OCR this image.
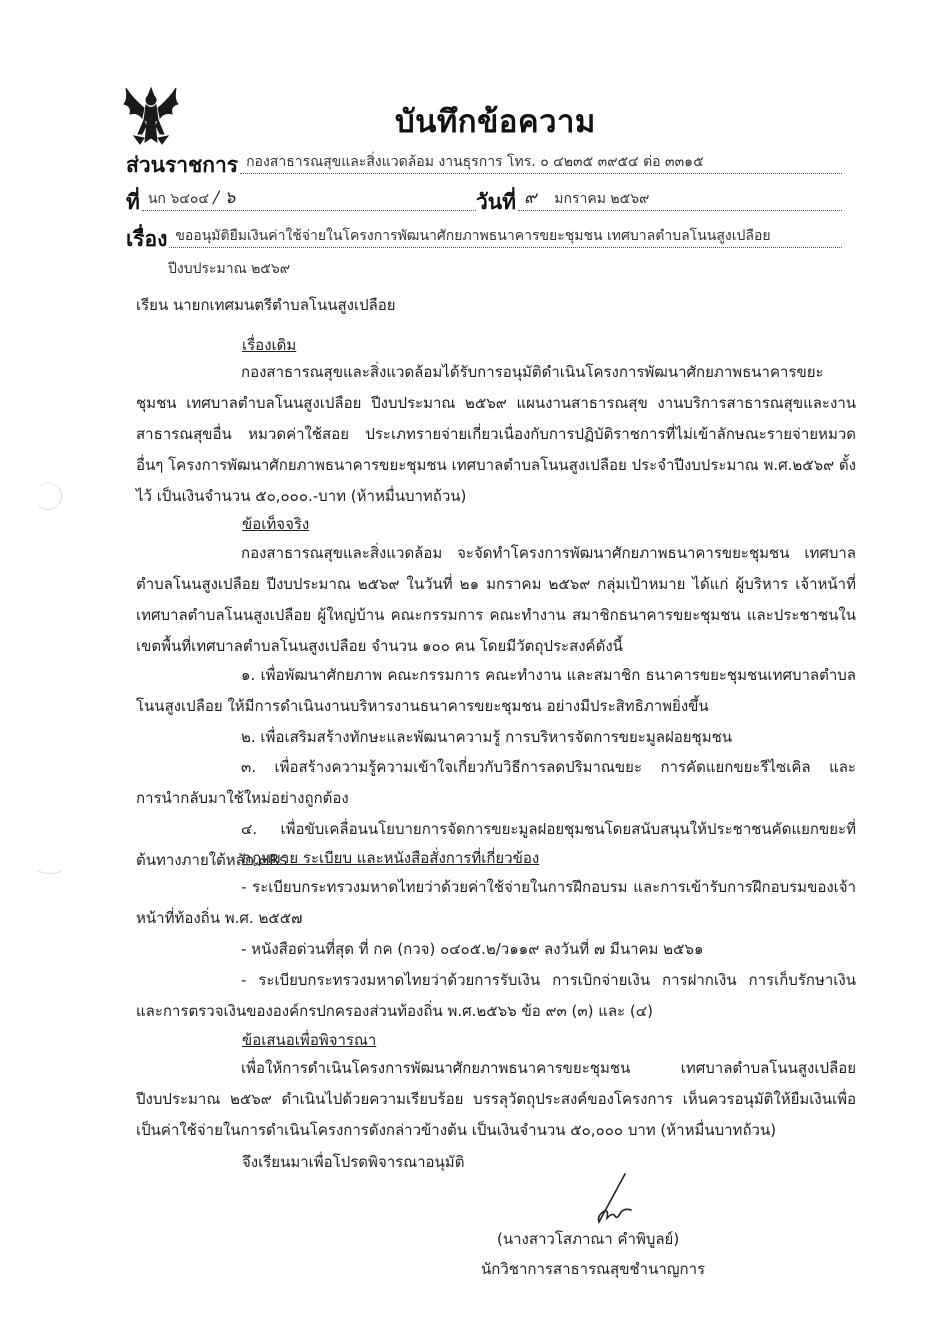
บันทึกข้อความ
ส่วนราชการ กองสาธารณสุขและสิ่งแวดล้อม งานธุรการ โทร. ๐ ๔๒๓๕ ๓๙๕๔ ต่อ ๓๓๑๕
ที่ นก ๖๔๐๔ / ๖	วันที่ ๙ มกราคม ๒๕๖๙
เรื่อง ขออนุมัติยืมเงินค่าใช้จ่ายในโครงการพัฒนาศักยภาพธนาคารขยะชุมชน เทศบาลตำบลโนนสูงเปลือย
ปีงบประมาณ ๒๕๖๙
เรียน นายกเทศมนตรีตำบลโนนสูงเปลือย
เรื่องเดิม
กองสาธารณสุขและสิ่งแวดล้อมได้รับการอนุมัติดำเนินโครงการพัฒนาศักยภาพธนาคารขยะชุมชน เทศบาลตำบลโนนสูงเปลือย ปีงบประมาณ ๒๕๖๙ แผนงานสาธารณสุข งานบริการสาธารณสุขและงานสาธารณสุขอื่น หมวดค่าใช้สอย ประเภทรายจ่ายเกี่ยวเนื่องกับการปฏิบัติราชการที่ไม่เข้าลักษณะรายจ่ายหมวดอื่นๆ โครงการพัฒนาศักยภาพธนาคารขยะชุมชน เทศบาลตำบลโนนสูงเปลือย ประจำปีงบประมาณ พ.ศ.๒๕๖๙ ตั้งไว้ เป็นเงินจำนวน ๕๐,๐๐๐.-บาท (ห้าหมื่นบาทถ้วน)
ข้อเท็จจริง
กองสาธารณสุขและสิ่งแวดล้อม จะจัดทำโครงการพัฒนาศักยภาพธนาคารขยะชุมชน เทศบาลตำบลโนนสูงเปลือย ปีงบประมาณ ๒๕๖๙ ในวันที่ ๒๑ มกราคม ๒๕๖๙ กลุ่มเป้าหมาย ได้แก่ ผู้บริหาร เจ้าหน้าที่เทศบาลตำบลโนนสูงเปลือย ผู้ใหญ่บ้าน คณะกรรมการ คณะทำงาน สมาชิกธนาคารขยะชุมชน และประชาชนในเขตพื้นที่เทศบาลตำบลโนนสูงเปลือย จำนวน ๑๐๐ คน โดยมีวัตถุประสงค์ดังนี้
๑. เพื่อพัฒนาศักยภาพ คณะกรรมการ คณะทำงาน และสมาชิก ธนาคารขยะชุมชนเทศบาลตำบลโนนสูงเปลือย ให้มีการดำเนินงานบริหารงานธนาคารขยะชุมชน อย่างมีประสิทธิภาพยิ่งขึ้น
๒. เพื่อเสริมสร้างทักษะและพัฒนาความรู้ การบริหารจัดการขยะมูลฝอยชุมชน
๓. เพื่อสร้างความรู้ความเข้าใจเกี่ยวกับวิธีการลดปริมาณขยะ การคัดแยกขยะรีไซเคิล และการนำกลับมาใช้ใหม่อย่างถูกต้อง
๔. เพื่อขับเคลื่อนนโยบายการจัดการขยะมูลฝอยชุมชนโดยสนับสนุนให้ประชาชนคัดแยกขยะที่ต้นทางภายใต้หลัก ๓Rs
กฎหมาย ระเบียบ และหนังสือสั่งการที่เกี่ยวข้อง
- ระเบียบกระทรวงมหาดไทยว่าด้วยค่าใช้จ่ายในการฝึกอบรม และการเข้ารับการฝึกอบรมของเจ้าหน้าที่ท้องถิ่น พ.ศ. ๒๕๕๗
- หนังสือด่วนที่สุด ที่ กค (กวจ) ๐๔๐๕.๒/ว๑๑๙ ลงวันที่ ๗ มีนาคม ๒๕๖๑
- ระเบียบกระทรวงมหาดไทยว่าด้วยการรับเงิน การเบิกจ่ายเงิน การฝากเงิน การเก็บรักษาเงิน และการตรวจเงินขององค์กรปกครองส่วนท้องถิ่น พ.ศ.๒๕๖๖ ข้อ ๙๓ (๓) และ (๔)
ข้อเสนอเพื่อพิจารณา
เพื่อให้การดำเนินโครงการพัฒนาศักยภาพธนาคารขยะชุมชน เทศบาลตำบลโนนสูงเปลือย ปีงบประมาณ ๒๕๖๙ ดำเนินไปด้วยความเรียบร้อย บรรลุวัตถุประสงค์ของโครงการ เห็นควรอนุมัติให้ยืมเงินเพื่อเป็นค่าใช้จ่ายในการดำเนินโครงการดังกล่าวข้างต้น เป็นเงินจำนวน ๕๐,๐๐๐ บาท (ห้าหมื่นบาทถ้วน)
จึงเรียนมาเพื่อโปรดพิจารณาอนุมัติ
(นางสาวโสภาณา คำพิบูลย์)
นักวิชาการสาธารณสุขชำนาญการ
